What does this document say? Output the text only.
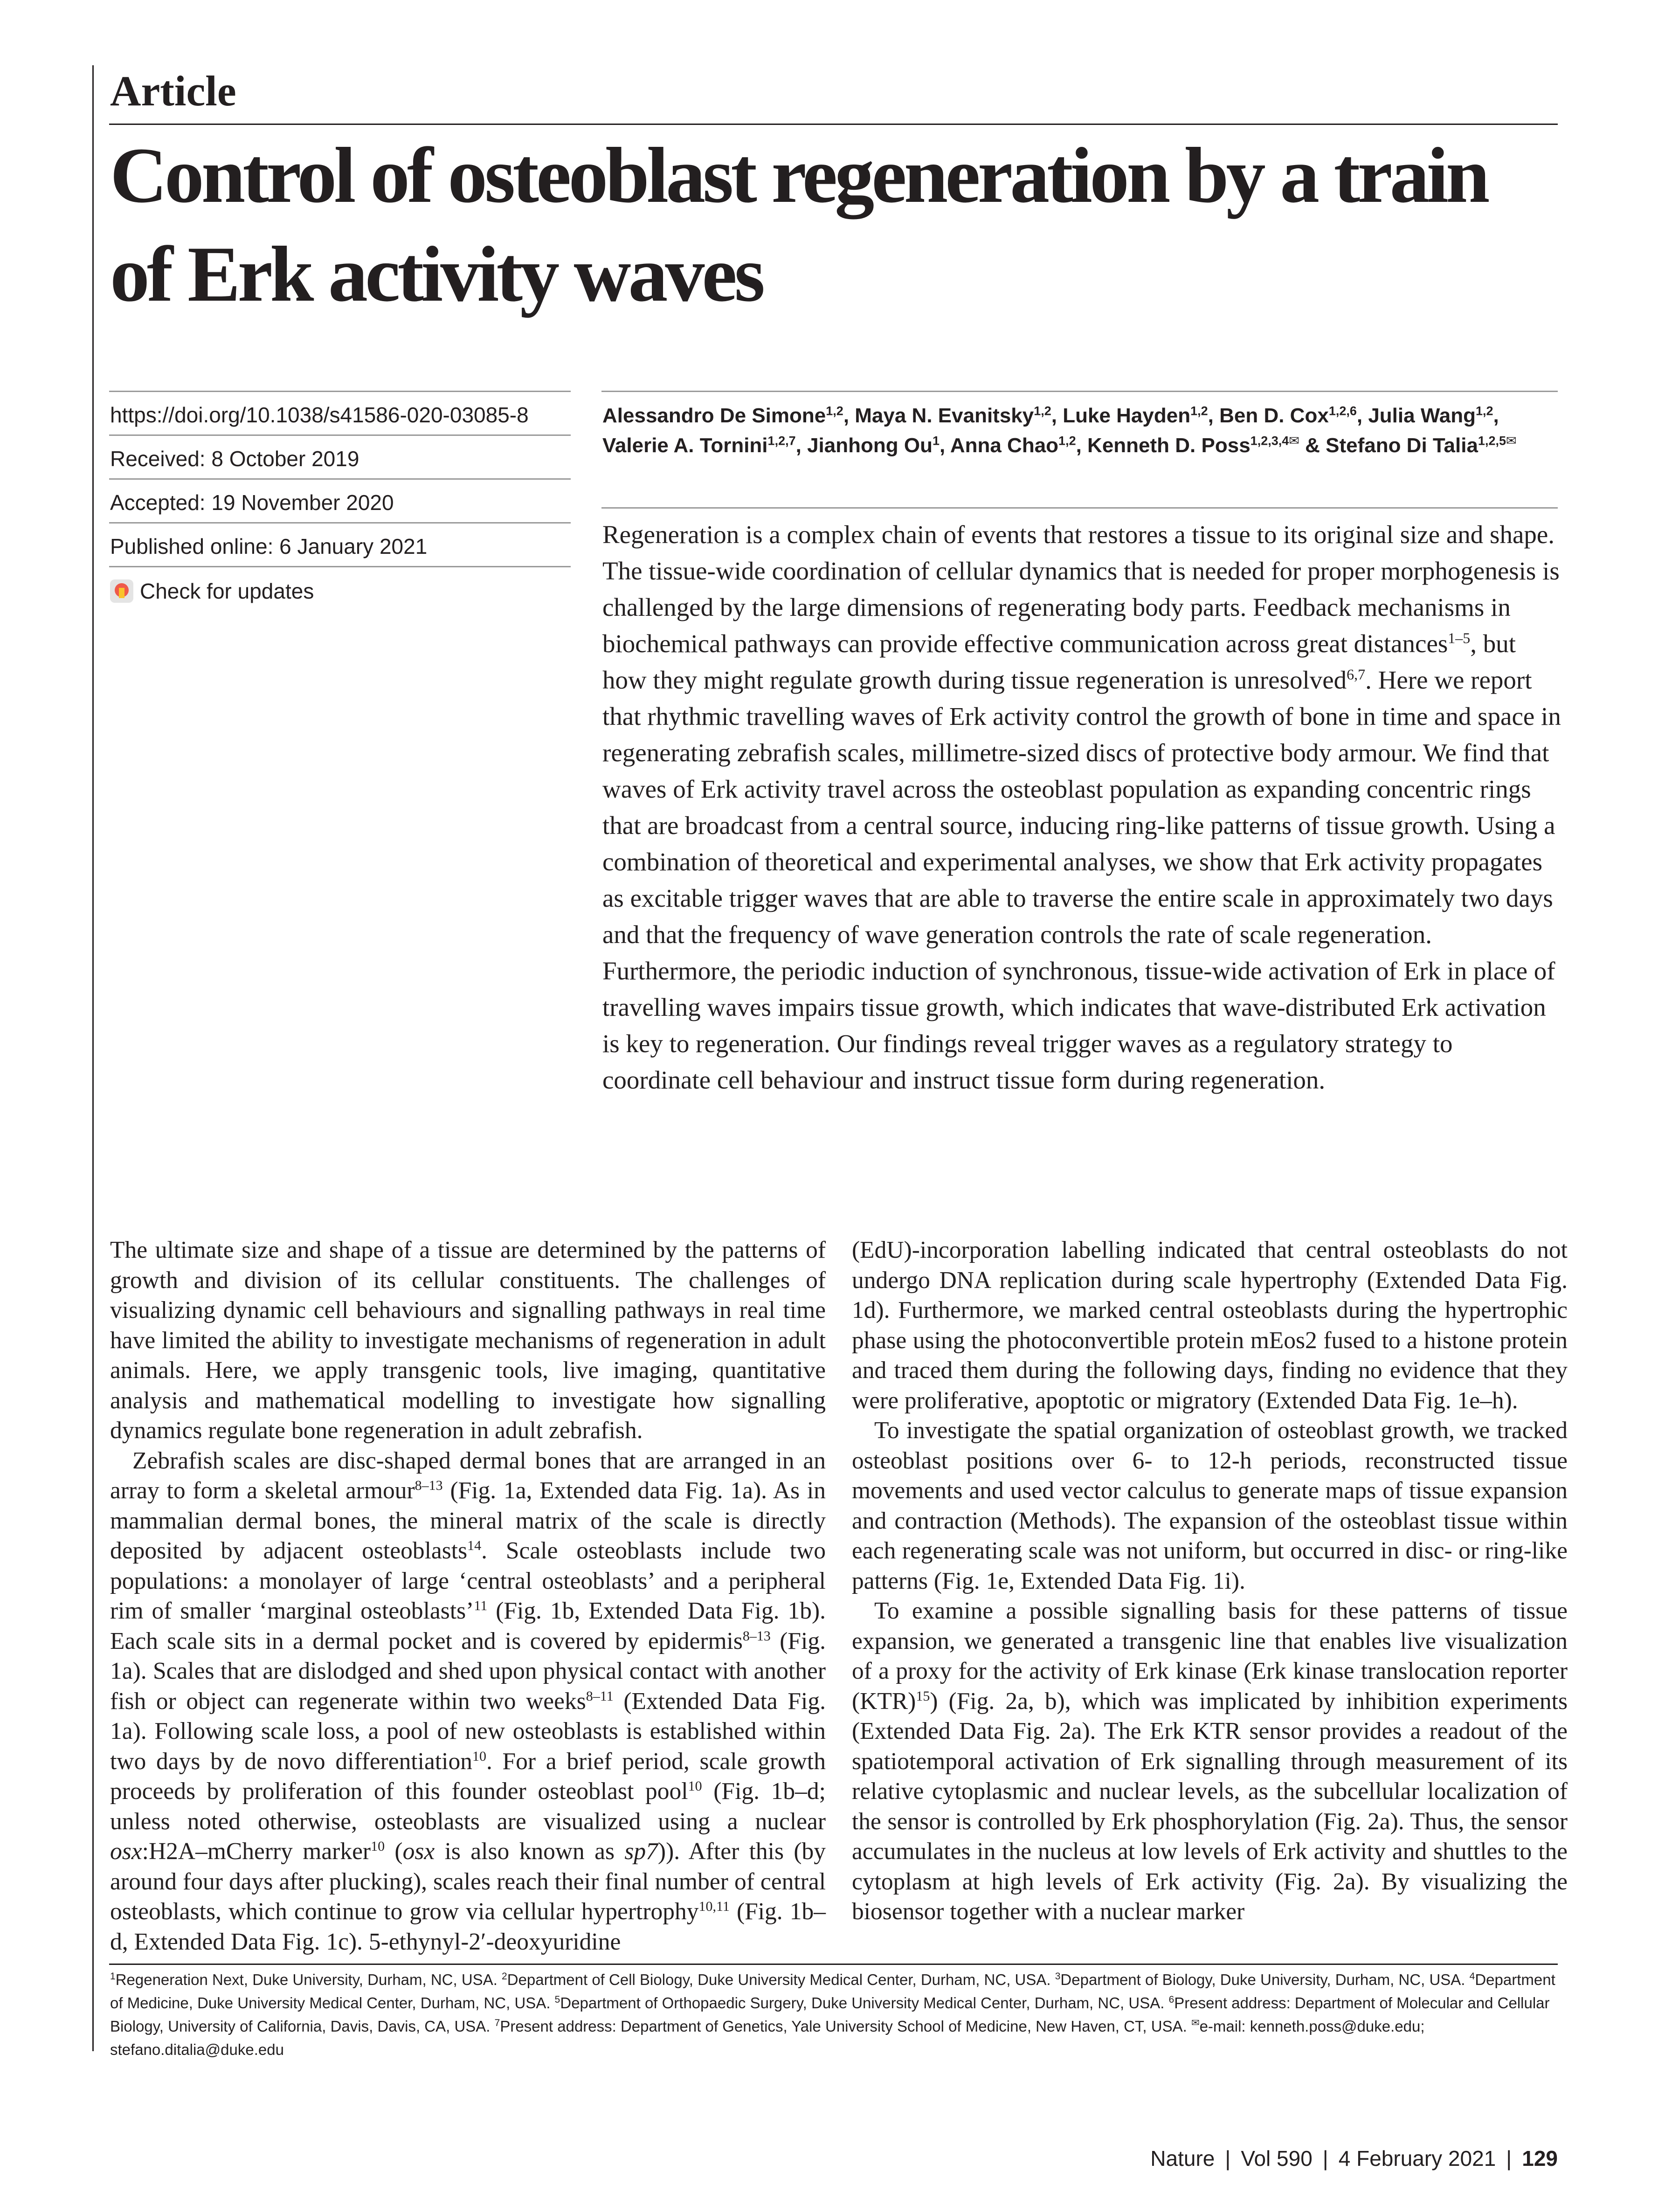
Article
Control of osteoblast regeneration by a train of Erk activity waves
https://doi.org/10.1038/s41586-020-03085-8
Received: 8 October 2019
Accepted: 19 November 2020
Published online: 6 January 2021
Check for updates
Alessandro De Simone$^{1,2}$, Maya N. Evanitsky$^{1,2}$, Luke Hayden$^{1,2}$, Ben D. Cox$^{1,2,6}$, Julia Wang$^{1,2}$, Valerie A. Tornini$^{1,2,7}$, Jianhong Ou$^1$, Anna Chao$^{1,2}$, Kenneth D. Poss$^{1,2,3,4✉}$ & Stefano Di Talia$^{1,2,5✉}$
Regeneration is a complex chain of events that restores a tissue to its original size and shape. The tissue-wide coordination of cellular dynamics that is needed for proper morphogenesis is challenged by the large dimensions of regenerating body parts. Feedback mechanisms in biochemical pathways can provide effective communication across great distances$^{1-5}$, but how they might regulate growth during tissue regeneration is unresolved$^{6,7}$. Here we report that rhythmic travelling waves of Erk activity control the growth of bone in time and space in regenerating zebrafish scales, millimetre-sized discs of protective body armour. We find that waves of Erk activity travel across the osteoblast population as expanding concentric rings that are broadcast from a central source, inducing ring-like patterns of tissue growth. Using a combination of theoretical and experimental analyses, we show that Erk activity propagates as excitable trigger waves that are able to traverse the entire scale in approximately two days and that the frequency of wave generation controls the rate of scale regeneration. Furthermore, the periodic induction of synchronous, tissue-wide activation of Erk in place of travelling waves impairs tissue growth, which indicates that wave-distributed Erk activation is key to regeneration. Our findings reveal trigger waves as a regulatory strategy to coordinate cell behaviour and instruct tissue form during regeneration.

The ultimate size and shape of a tissue are determined by the patterns of growth and division of its cellular constituents. The challenges of visualizing dynamic cell behaviours and signalling pathways in real time have limited the ability to investigate mechanisms of regeneration in adult animals. Here, we apply transgenic tools, live imaging, quantitative analysis and mathematical modelling to investigate how signalling dynamics regulate bone regeneration in adult zebrafish.

Zebrafish scales are disc-shaped dermal bones that are arranged in an array to form a skeletal armour$^{8-13}$ (Fig. 1a, Extended data Fig. 1a). As in mammalian dermal bones, the mineral matrix of the scale is directly deposited by adjacent osteoblasts$^{14}$. Scale osteoblasts include two populations: a monolayer of large ‘central osteoblasts’ and a peripheral rim of smaller ‘marginal osteoblasts’$^{11}$ (Fig. 1b, Extended Data Fig. 1b). Each scale sits in a dermal pocket and is covered by epidermis$^{8-13}$ (Fig. 1a). Scales that are dislodged and shed upon physical contact with another fish or object can regenerate within two weeks$^{8-11}$ (Extended Data Fig. 1a). Following scale loss, a pool of new osteoblasts is established within two days by de novo differentiation$^{10}$. For a brief period, scale growth proceeds by proliferation of this founder osteoblast pool$^{10}$ (Fig. 1b–d; unless noted otherwise, osteoblasts are visualized using a nuclear osx:H2A–mCherry marker$^{10}$ (osx is also known as sp7)). After this (by around four days after plucking), scales reach their final number of central osteoblasts, which continue to grow via cellular hypertrophy$^{10,11}$ (Fig. 1b–d, Extended Data Fig. 1c). 5-ethynyl-2′-deoxyuridine

(EdU)-incorporation labelling indicated that central osteoblasts do not undergo DNA replication during scale hypertrophy (Extended Data Fig. 1d). Furthermore, we marked central osteoblasts during the hypertrophic phase using the photoconvertible protein mEos2 fused to a histone protein and traced them during the following days, finding no evidence that they were proliferative, apoptotic or migratory (Extended Data Fig. 1e–h).

To investigate the spatial organization of osteoblast growth, we tracked osteoblast positions over 6- to 12-h periods, reconstructed tissue movements and used vector calculus to generate maps of tissue expansion and contraction (Methods). The expansion of the osteoblast tissue within each regenerating scale was not uniform, but occurred in disc- or ring-like patterns (Fig. 1e, Extended Data Fig. 1i).

To examine a possible signalling basis for these patterns of tissue expansion, we generated a transgenic line that enables live visualization of a proxy for the activity of Erk kinase (Erk kinase translocation reporter (KTR)$^{15}$) (Fig. 2a, b), which was implicated by inhibition experiments (Extended Data Fig. 2a). The Erk KTR sensor provides a readout of the spatiotemporal activation of Erk signalling through measurement of its relative cytoplasmic and nuclear levels, as the subcellular localization of the sensor is controlled by Erk phosphorylation (Fig. 2a). Thus, the sensor accumulates in the nucleus at low levels of Erk activity and shuttles to the cytoplasm at high levels of Erk activity (Fig. 2a). By visualizing the biosensor together with a nuclear marker

$^1$Regeneration Next, Duke University, Durham, NC, USA. $^2$Department of Cell Biology, Duke University Medical Center, Durham, NC, USA. $^3$Department of Biology, Duke University, Durham, NC, USA. $^4$Department of Medicine, Duke University Medical Center, Durham, NC, USA. $^5$Department of Orthopaedic Surgery, Duke University Medical Center, Durham, NC, USA. $^6$Present address: Department of Molecular and Cellular Biology, University of California, Davis, Davis, CA, USA. $^7$Present address: Department of Genetics, Yale University School of Medicine, New Haven, CT, USA. ✉e-mail: kenneth.poss@duke.edu; stefano.ditalia@duke.edu
Nature | Vol 590 | 4 February 2021 | 129
